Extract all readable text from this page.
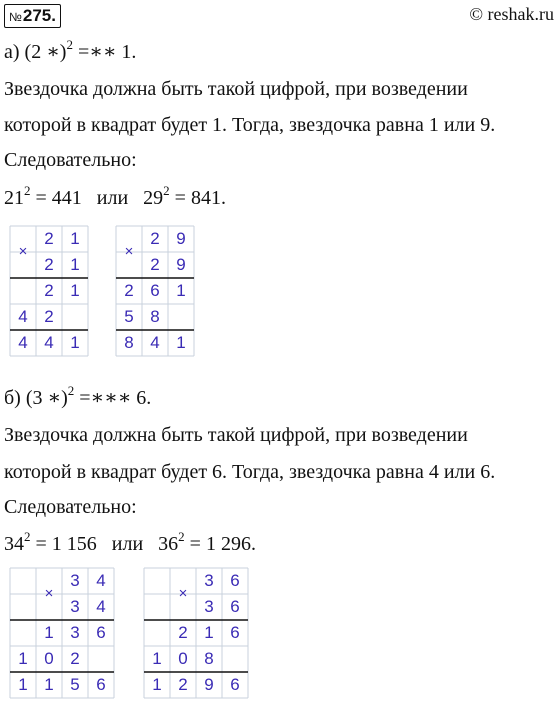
№275.	© reshak.ru
а) (2 ∗)$^2$ =∗∗ 1.
Звездочка должна быть такой цифрой, при возведении
которой в квадрат будет 1. Тогда, звездочка равна 1 или 9.
Следовательно:
$21^2 = 441$   или   $29^2 = 841$.
×
2 1
2 1
2 1
4 2
4 4 1
×
2 9
2 9
2 6 1
5 8
8 4 1
б) (3 ∗)$^2$ =∗∗∗ 6.
Звездочка должна быть такой цифрой, при возведении
которой в квадрат будет 6. Тогда, звездочка равна 4 или 6.
Следовательно:
$34^2 = 1$ 156   или   $36^2 = 1$ 296.
×
3 4
3 4
1 3 6
1 0 2
1 1 5 6
×
3 6
3 6
2 1 6
1 0 8
1 2 9 6
